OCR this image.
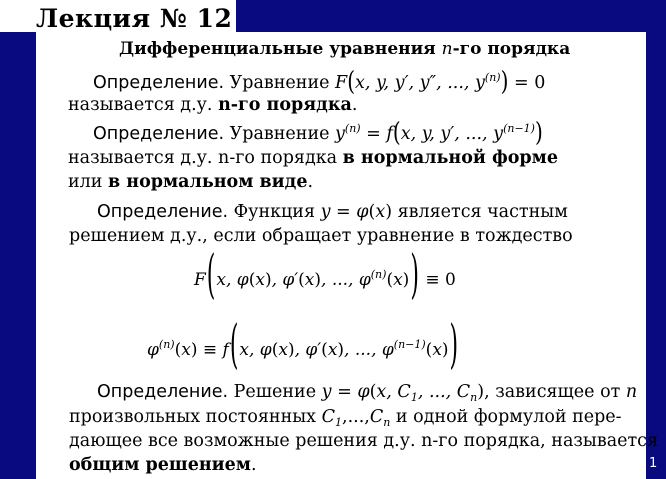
Лекция № 12
1
Дифференциальные уравнения n-го порядка
Определение. Уравнение F(x, y, y′, y″, ..., $y^{(n)}) = 0$
называется д.у. n-го порядка.
Определение. Уравнение $y^{(n)} = f(x$, y, y′, ..., $y^{(n-1)}$)
называется д.у. n-го порядка в нормальной форме
или в нормальном виде.
Определение. Функция y = φ(x) является частным
решением д.у., если обращает уравнение в тождество
F(x, φ(x), φ′(x), ..., $\varphi^{(n)}(x)) \equiv 0$
$\varphi^{(n)}(x) \equiv f(x$, φ(x), φ′(x), ..., $\varphi^{(n-1)}(x)$)
Определение. Решение y = φ(x, $C_1$, ..., $C_n$), зависящее от n
произвольных постоянных $C_1,...,C_n$ и одной формулой пере-
дающее все возможные решения д.у. n-го порядка, называется
общим решением.
